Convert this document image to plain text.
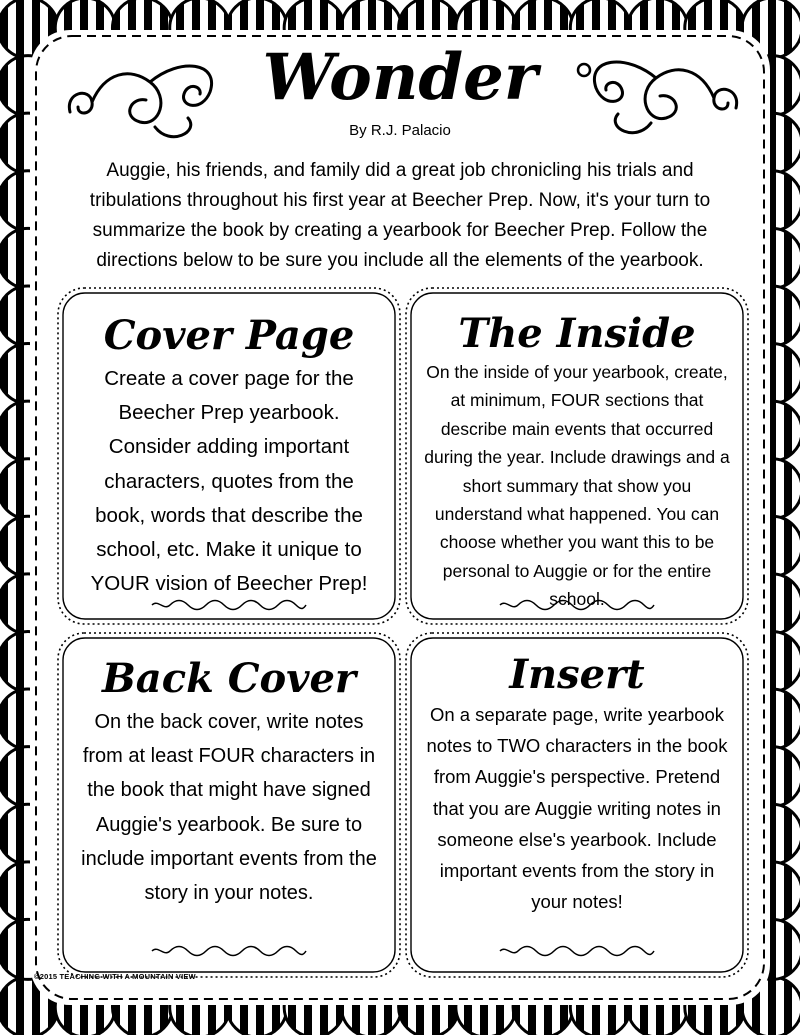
Wonder
By R.J. Palacio

Auggie, his friends, and family did a great job chronicling his trials and tribulations throughout his first year at Beecher Prep. Now, it's your turn to summarize the book by creating a yearbook for Beecher Prep. Follow the directions below to be sure you include all the elements of the yearbook.

Cover Page

Create a cover page for the Beecher Prep yearbook. Consider adding important characters, quotes from the book, words that describe the school, etc. Make it unique to YOUR vision of Beecher Prep!

The Inside

On the inside of your yearbook, create, at minimum, FOUR sections that describe main events that occurred during the year. Include drawings and a short summary that show you understand what happened. You can choose whether you want this to be personal to Auggie or for the entire school.

Back Cover

On the back cover, write notes from at least FOUR characters in the book that might have signed Auggie's yearbook. Be sure to include important events from the story in your notes.

Insert

On a separate page, write yearbook notes to TWO characters in the book from Auggie's perspective. Pretend that you are Auggie writing notes in someone else's yearbook. Include important events from the story in your notes!

©2015 TEACHING WITH A MOUNTAIN VIEW
